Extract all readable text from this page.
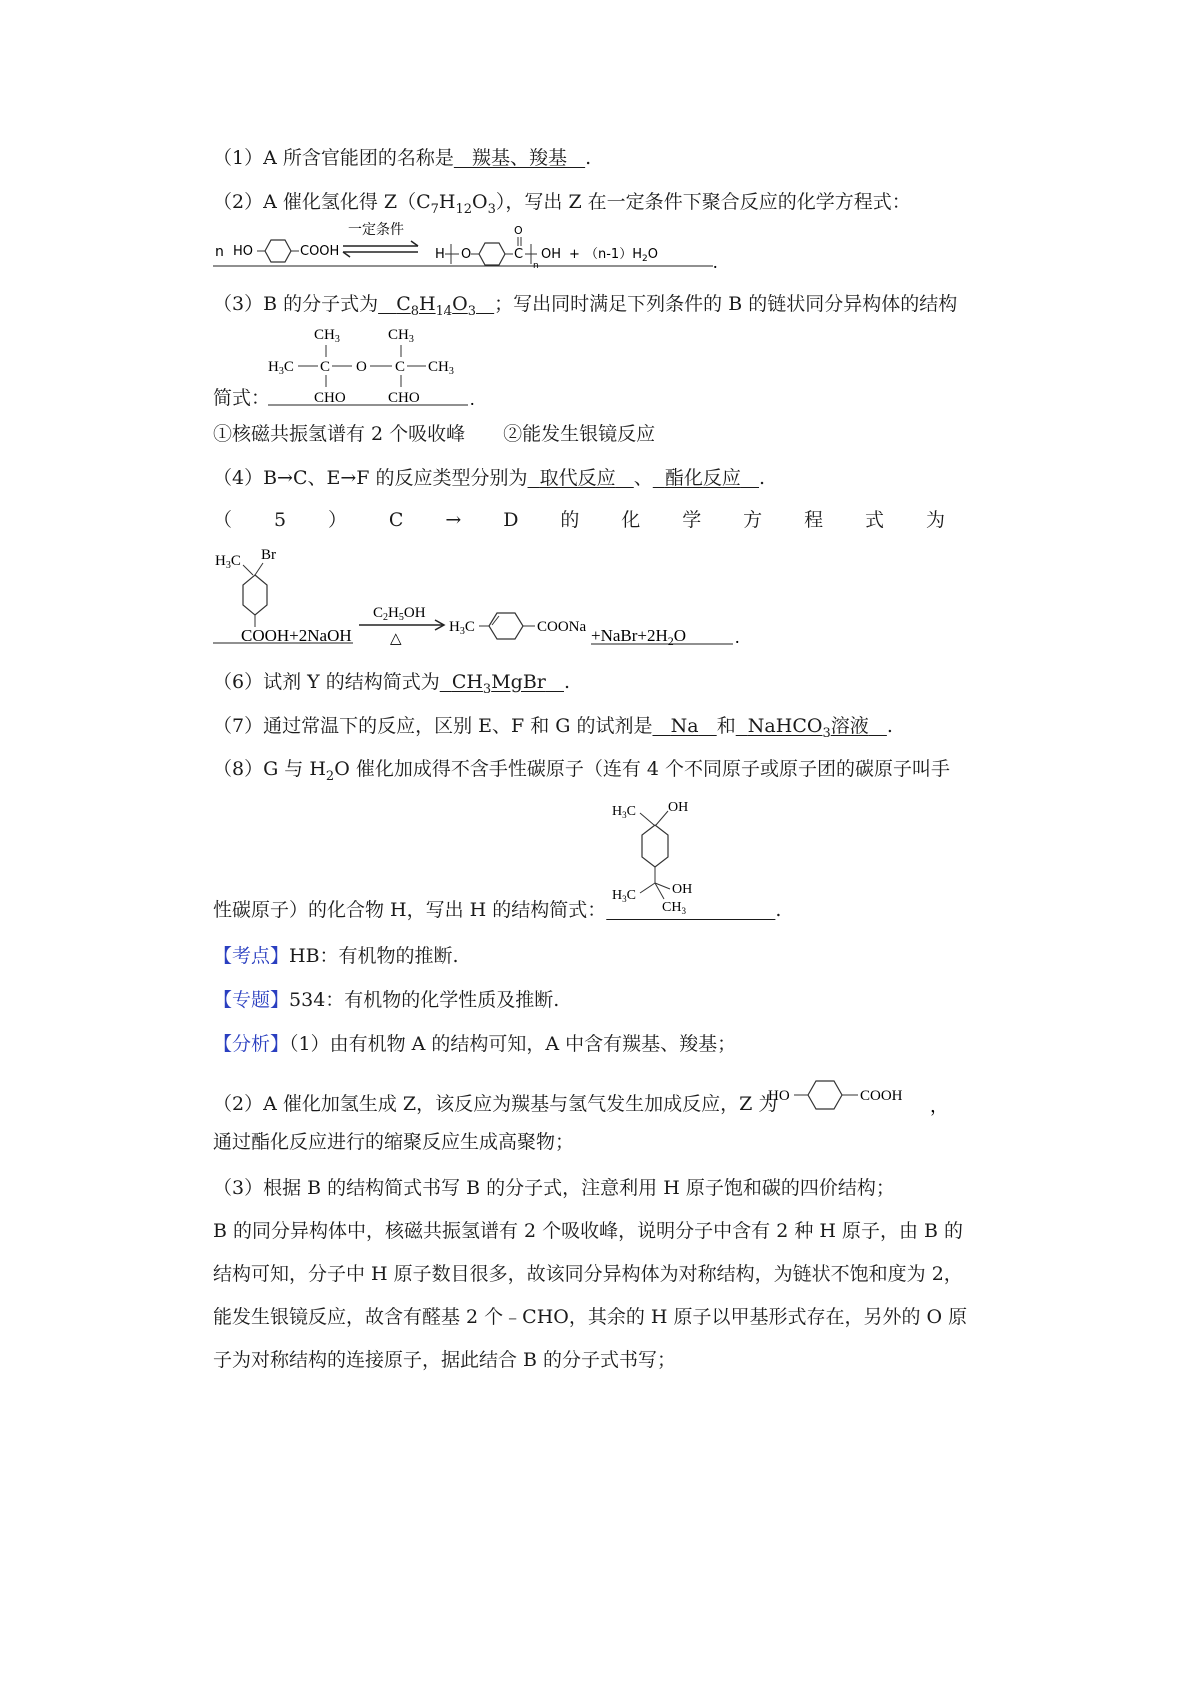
（1）A 所含官能团的名称是 羰基、羧基 .
（2）A 催化氢化得 $Z(C_7H_{12}O_3)$，写出 Z 在一定条件下聚合反应的化学方程式：
n HO	COOH
一定条件
H O	C
O
n
OH + $(n-1)H_2O$	.
（3）B 的分子式为 $C_8H_{14}O_3$ ；写出同时满足下列条件的 B 的链状同分异构体的结构
简式：
$CH_3$	$CH_3$
$H_3C$ C O C $CH_3$
CHO	CHO	.
①核磁共振氢谱有 2 个吸收峰　　②能发生银镜反应
（4）B→C、E→F 的反应类型分别为 取代反应 、 酯化反应 .
（ 5 ） C → D 的 化 学 方 程 式 为
$H_3C$ Br
COOH+2NaOH
$C_2H_5OH$
△
$H_3C$	COONa $+NaBr+2H_2O$	.
（6）试剂 Y 的结构简式为 $CH_3MgBr$ .
（7）通过常温下的反应，区别 E、F 和 G 的试剂是 Na 和 NaHCO$_3$溶液 .
（8）G 与 $H_2O$ 催化加成得不含手性碳原子（连有 4 个不同原子或原子团的碳原子叫手
$H_3C$ OH
$H_3C$	OH
$CH_3$
性碳原子）的化合物 H，写出 H 的结构简式：	.
【考点】HB：有机物的推断.
【专题】534：有机物的化学性质及推断.
【分析】（1）由有机物 A 的结构可知，A 中含有羰基、羧基；
（2）A 催化加氢生成 Z，该反应为羰基与氢气发生加成反应，Z 为
HO	COOH ，
通过酯化反应进行的缩聚反应生成高聚物；
（3）根据 B 的结构简式书写 B 的分子式，注意利用 H 原子饱和碳的四价结构；
B 的同分异构体中，核磁共振氢谱有 2 个吸收峰，说明分子中含有 2 种 H 原子，由 B 的
结构可知，分子中 H 原子数目很多，故该同分异构体为对称结构，为链状不饱和度为 2，
能发生银镜反应，故含有醛基 2 个﹣CHO，其余的 H 原子以甲基形式存在，另外的 O 原
子为对称结构的连接原子，据此结合 B 的分子式书写；
